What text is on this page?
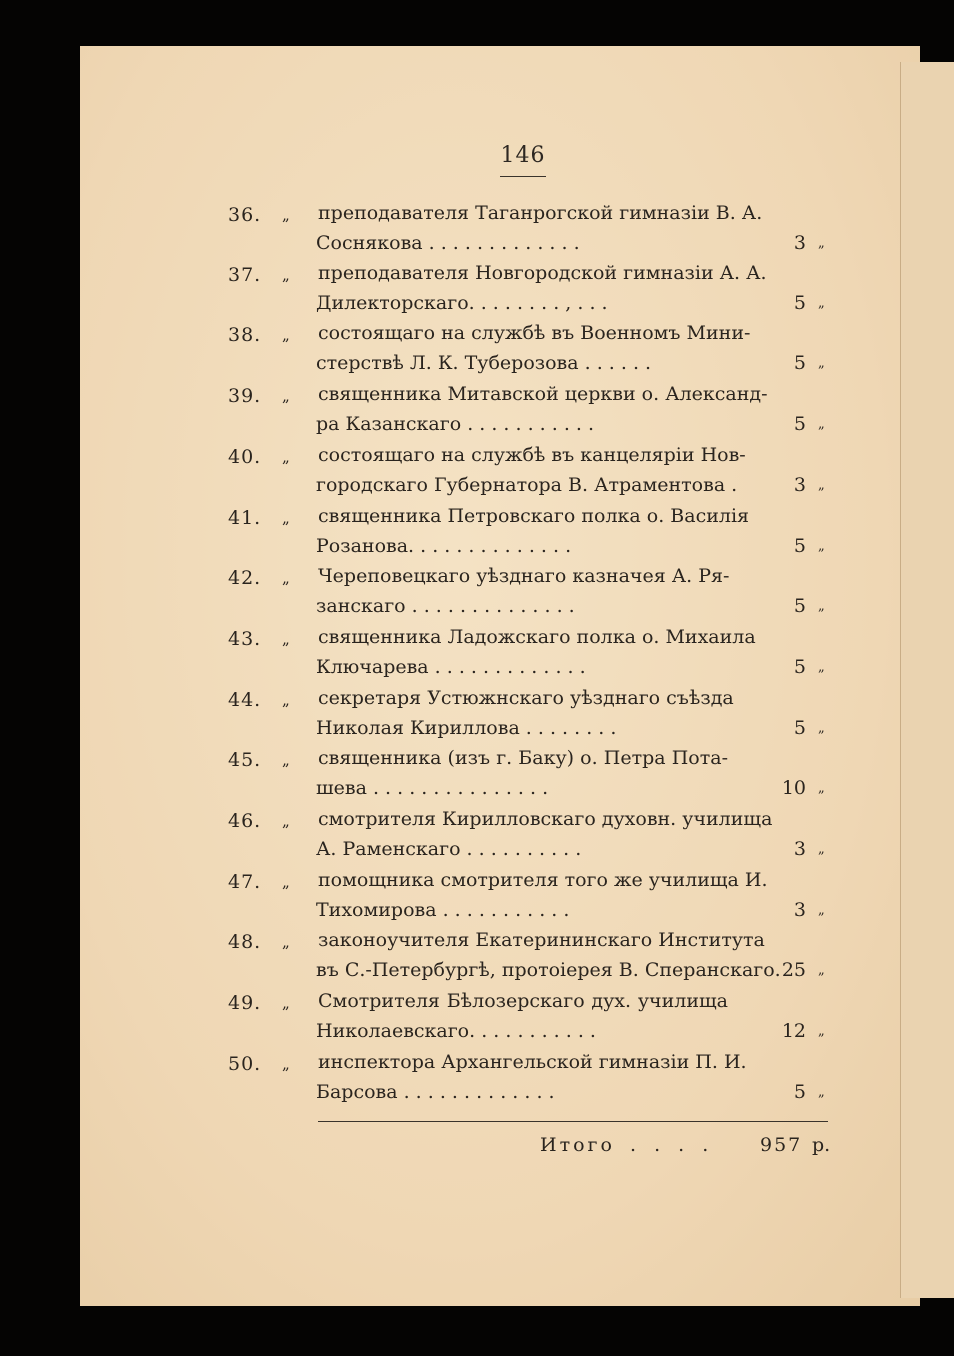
146
36. „ преподавателя Таганрогской гимназіи В. А.
Соснякова . . . . . . . . . . . . .	3 „
37. „ преподавателя Новгородской гимназіи А. А.
Дилекторскаго. . . . . . . . , . . .	5 „
38. „ состоящаго на службѣ въ Военномъ Мини-
стерствѣ Л. К. Туберозова . . . . . .	5 „
39. „ священника Митавской церкви о. Александ-
ра Казанскаго . . . . . . . . . . .	5 „
40. „ состоящаго на службѣ въ канцеляріи Нов-
городскаго Губернатора В. Атраментова .	3 „
41. „ священника Петровскаго полка о. Василія
Розанова. . . . . . . . . . . . . .	5 „
42. „ Череповецкаго уѣзднаго казначея А. Ря-
занскаго . . . . . . . . . . . . . .	5 „
43. „ священника Ладожскаго полка о. Михаила
Ключарева . . . . . . . . . . . . .	5 „
44. „ секретаря Устюжнскаго уѣзднаго съѣзда
Николая Кириллова . . . . . . . .	5 „
45. „ священника (изъ г. Баку) о. Петра Пота-
шева . . . . . . . . . . . . . . .	10 „
46. „ смотрителя Кирилловскаго духовн. училища
А. Раменскаго . . . . . . . . . .	3 „
47. „ помощника смотрителя того же училища И.
Тихомирова . . . . . . . . . . .	3 „
48. „ законоучителя Екатерининскаго Института
въ С.-Петербургѣ, протоіерея В. Сперанскаго. 25 „
49. „ Смотрителя Бѣлозерскаго дух. училища
Николаевскаго. . . . . . . . . . .	12 „
50. „ инспектора Архангельской гимназіи П. И.
Барсова . . . . . . . . . . . . .	5 „
Итого . . . . 957 р.
